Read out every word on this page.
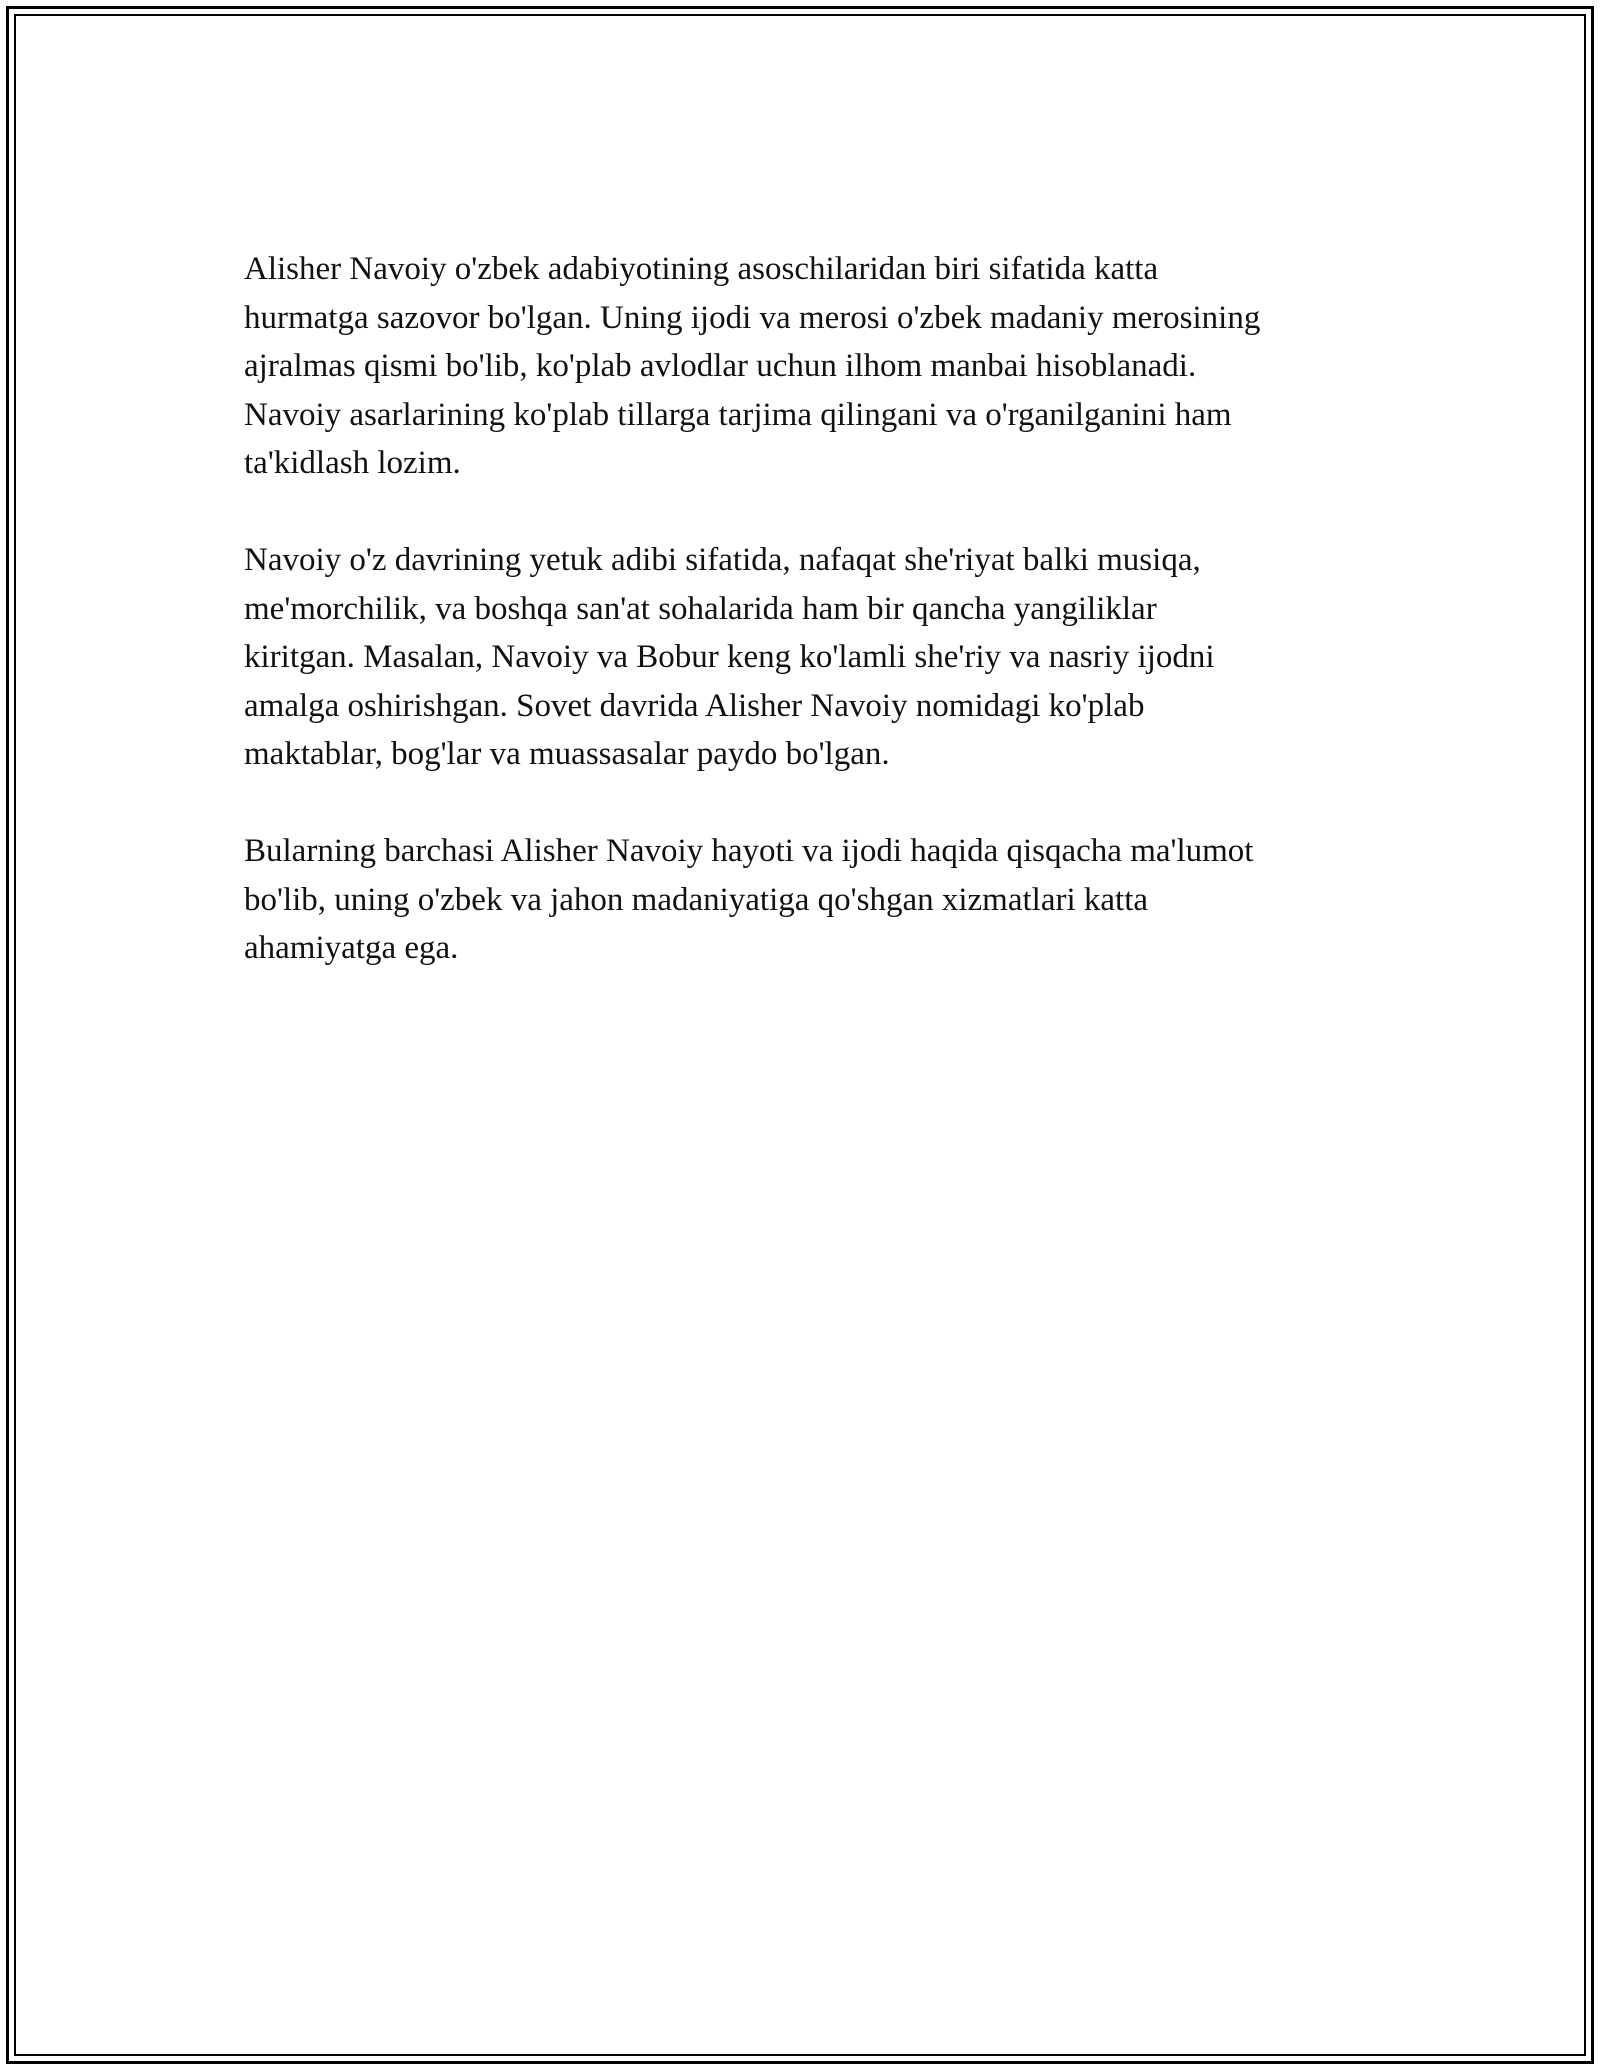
Alisher Navoiy o'zbek adabiyotining asoschilaridan biri sifatida katta
hurmatga sazovor bo'lgan. Uning ijodi va merosi o'zbek madaniy merosining
ajralmas qismi bo'lib, ko'plab avlodlar uchun ilhom manbai hisoblanadi.
Navoiy asarlarining ko'plab tillarga tarjima qilingani va o'rganilganini ham
ta'kidlash lozim.

Navoiy o'z davrining yetuk adibi sifatida, nafaqat she'riyat balki musiqa,
me'morchilik, va boshqa san'at sohalarida ham bir qancha yangiliklar
kiritgan. Masalan, Navoiy va Bobur keng ko'lamli she'riy va nasriy ijodni
amalga oshirishgan. Sovet davrida Alisher Navoiy nomidagi ko'plab
maktablar, bog'lar va muassasalar paydo bo'lgan.

Bularning barchasi Alisher Navoiy hayoti va ijodi haqida qisqacha ma'lumot
bo'lib, uning o'zbek va jahon madaniyatiga qo'shgan xizmatlari katta
ahamiyatga ega.
